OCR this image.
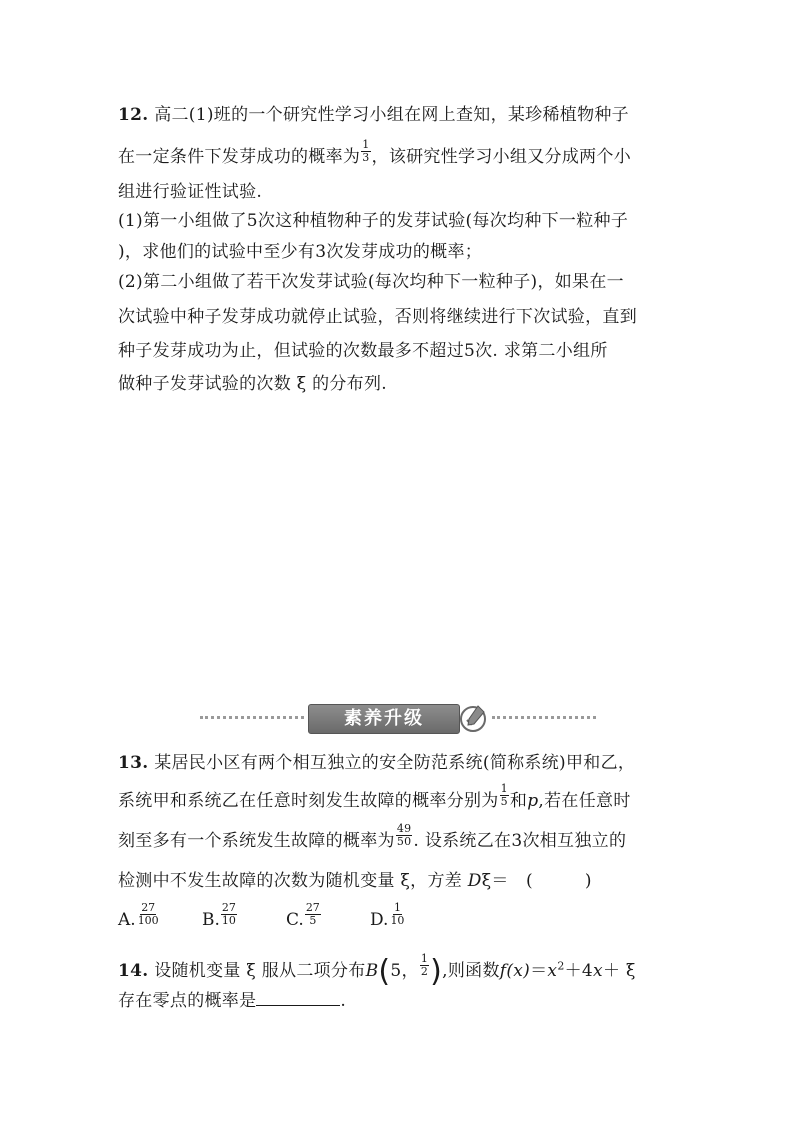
12. 高二(1)班的一个研究性学习小组在网上查知，某珍稀植物种子
在一定条件下发芽成功的概率为 $\frac{1}{3}$ ，该研究性学习小组又分成两个小
组进行验证性试验.
(1)第一小组做了5次这种植物种子的发芽试验(每次均种下一粒种子
)，求他们的试验中至少有3次发芽成功的概率；
(2)第二小组做了若干次发芽试验(每次均种下一粒种子)，如果在一
次试验中种子发芽成功就停止试验，否则将继续进行下次试验，直到
种子发芽成功为止，但试验的次数最多不超过5次. 求第二小组所
做种子发芽试验的次数 ξ 的分布列.
素养升级
13. 某居民小区有两个相互独立的安全防范系统(简称系统)甲和乙，
系统甲和系统乙在任意时刻发生故障的概率分别为 $\frac{1}{5}$ 和p,若在任意时
刻至多有一个系统发生故障的概率为 $\frac{49}{50}$ . 设系统乙在3次相互独立的
检测中不发生故障的次数为随机变量 ξ，方差 Dξ＝　(　　　)
A. $\frac{27}{100} B$. $\frac{27}{10}$	C. $\frac{27}{5}$	D. $\frac{1}{10}$
14. 设随机变量 ξ 服从二项分布B(5， $\frac{1}{2}$ ),则函数$f(x)=x^2+4x+ \xi$
存在零点的概率是	.
